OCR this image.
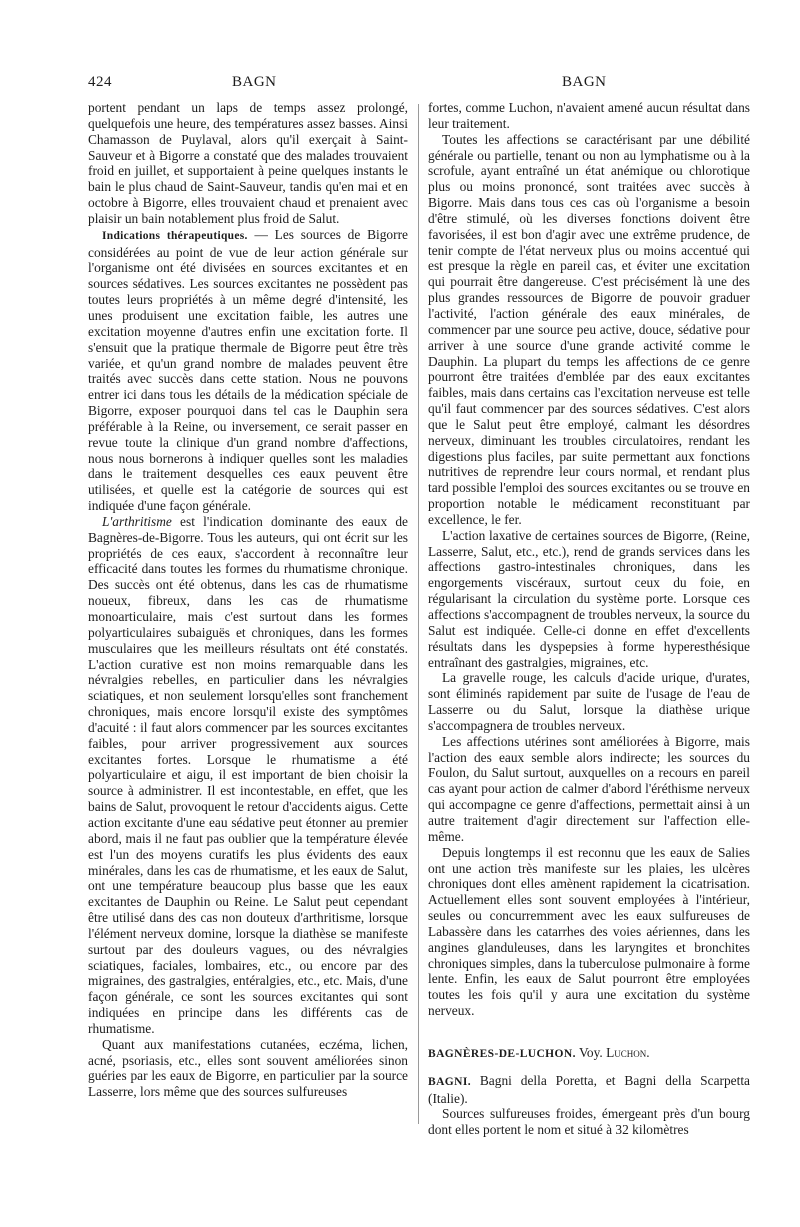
424	BAGN	BAGN

portent pendant un laps de temps assez prolongé, quelquefois une heure, des températures assez basses. Ainsi Chamasson de Puylaval, alors qu'il exerçait à Saint-Sauveur et à Bigorre a constaté que des malades trouvaient froid en juillet, et supportaient à peine quelques instants le bain le plus chaud de Saint-Sauveur, tandis qu'en mai et en octobre à Bigorre, elles trouvaient chaud et prenaient avec plaisir un bain notablement plus froid de Salut.

Indications thérapeutiques. — Les sources de Bigorre considérées au point de vue de leur action générale sur l'organisme ont été divisées en sources excitantes et en sources sédatives. Les sources excitantes ne possèdent pas toutes leurs propriétés à un même degré d'intensité, les unes produisent une excitation faible, les autres une excitation moyenne d'autres enfin une excitation forte. Il s'ensuit que la pratique thermale de Bigorre peut être très variée, et qu'un grand nombre de malades peuvent être traités avec succès dans cette station. Nous ne pouvons entrer ici dans tous les détails de la médication spéciale de Bigorre, exposer pourquoi dans tel cas le Dauphin sera préférable à la Reine, ou inversement, ce serait passer en revue toute la clinique d'un grand nombre d'affections, nous nous bornerons à indiquer quelles sont les maladies dans le traitement desquelles ces eaux peuvent être utilisées, et quelle est la catégorie de sources qui est indiquée d'une façon générale.

L'arthritisme est l'indication dominante des eaux de Bagnères-de-Bigorre. Tous les auteurs, qui ont écrit sur les propriétés de ces eaux, s'accordent à reconnaître leur efficacité dans toutes les formes du rhumatisme chronique. Des succès ont été obtenus, dans les cas de rhumatisme noueux, fibreux, dans les cas de rhumatisme monoarticulaire, mais c'est surtout dans les formes polyarticulaires subaiguës et chroniques, dans les formes musculaires que les meilleurs résultats ont été constatés. L'action curative est non moins remarquable dans les névralgies rebelles, en particulier dans les névralgies sciatiques, et non seulement lorsqu'elles sont franchement chroniques, mais encore lorsqu'il existe des symptômes d'acuité : il faut alors commencer par les sources excitantes faibles, pour arriver progressivement aux sources excitantes fortes. Lorsque le rhumatisme a été polyarticulaire et aigu, il est important de bien choisir la source à administrer. Il est incontestable, en effet, que les bains de Salut, provoquent le retour d'accidents aigus. Cette action excitante d'une eau sédative peut étonner au premier abord, mais il ne faut pas oublier que la température élevée est l'un des moyens curatifs les plus évidents des eaux minérales, dans les cas de rhumatisme, et les eaux de Salut, ont une température beaucoup plus basse que les eaux excitantes de Dauphin ou Reine. Le Salut peut cependant être utilisé dans des cas non douteux d'arthritisme, lorsque l'élément nerveux domine, lorsque la diathèse se manifeste surtout par des douleurs vagues, ou des névralgies sciatiques, faciales, lombaires, etc., ou encore par des migraines, des gastralgies, entéralgies, etc., etc. Mais, d'une façon générale, ce sont les sources excitantes qui sont indiquées en principe dans les différents cas de rhumatisme.

Quant aux manifestations cutanées, eczéma, lichen, acné, psoriasis, etc., elles sont souvent améliorées sinon guéries par les eaux de Bigorre, en particulier par la source Lasserre, lors même que des sources sulfureuses

fortes, comme Luchon, n'avaient amené aucun résultat dans leur traitement.

Toutes les affections se caractérisant par une débilité générale ou partielle, tenant ou non au lymphatisme ou à la scrofule, ayant entraîné un état anémique ou chlorotique plus ou moins prononcé, sont traitées avec succès à Bigorre. Mais dans tous ces cas où l'organisme a besoin d'être stimulé, où les diverses fonctions doivent être favorisées, il est bon d'agir avec une extrême prudence, de tenir compte de l'état nerveux plus ou moins accentué qui est presque la règle en pareil cas, et éviter une excitation qui pourrait être dangereuse. C'est précisément là une des plus grandes ressources de Bigorre de pouvoir graduer l'activité, l'action générale des eaux minérales, de commencer par une source peu active, douce, sédative pour arriver à une source d'une grande activité comme le Dauphin. La plupart du temps les affections de ce genre pourront être traitées d'emblée par des eaux excitantes faibles, mais dans certains cas l'excitation nerveuse est telle qu'il faut commencer par des sources sédatives. C'est alors que le Salut peut être employé, calmant les désordres nerveux, diminuant les troubles circulatoires, rendant les digestions plus faciles, par suite permettant aux fonctions nutritives de reprendre leur cours normal, et rendant plus tard possible l'emploi des sources excitantes ou se trouve en proportion notable le médicament reconstituant par excellence, le fer.

L'action laxative de certaines sources de Bigorre, (Reine, Lasserre, Salut, etc., etc.), rend de grands services dans les affections gastro-intestinales chroniques, dans les engorgements viscéraux, surtout ceux du foie, en régularisant la circulation du système porte. Lorsque ces affections s'accompagnent de troubles nerveux, la source du Salut est indiquée. Celle-ci donne en effet d'excellents résultats dans les dyspepsies à forme hyperesthésique entraînant des gastralgies, migraines, etc.

La gravelle rouge, les calculs d'acide urique, d'urates, sont éliminés rapidement par suite de l'usage de l'eau de Lasserre ou du Salut, lorsque la diathèse urique s'accompagnera de troubles nerveux.

Les affections utérines sont améliorées à Bigorre, mais l'action des eaux semble alors indirecte; les sources du Foulon, du Salut surtout, auxquelles on a recours en pareil cas ayant pour action de calmer d'abord l'éréthisme nerveux qui accompagne ce genre d'affections, permettait ainsi à un autre traitement d'agir directement sur l'affection elle-même.

Depuis longtemps il est reconnu que les eaux de Salies ont une action très manifeste sur les plaies, les ulcères chroniques dont elles amènent rapidement la cicatrisation. Actuellement elles sont souvent employées à l'intérieur, seules ou concurremment avec les eaux sulfureuses de Labassère dans les catarrhes des voies aériennes, dans les angines glanduleuses, dans les laryngites et bronchites chroniques simples, dans la tuberculose pulmonaire à forme lente. Enfin, les eaux de Salut pourront être employées toutes les fois qu'il y aura une excitation du système nerveux.

BAGNÈRES-DE-LUCHON. Voy. Luchon.

BAGNI. Bagni della Poretta, et Bagni della Scarpetta (Italie).

Sources sulfureuses froides, émergeant près d'un bourg dont elles portent le nom et situé à 32 kilomètres
